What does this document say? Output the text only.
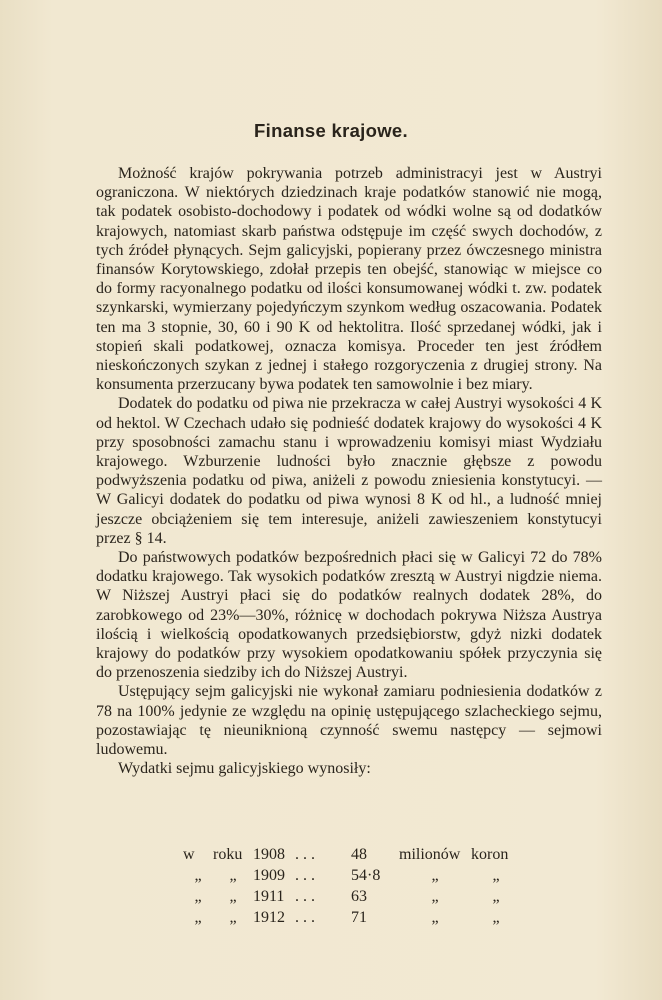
Finanse krajowe.

Możność krajów pokrywania potrzeb administracyi jest w Austryi ograniczona. W niektórych dziedzinach kraje podatków stanowić nie mogą, tak podatek osobisto-dochodowy i podatek od wódki wolne są od dodatków krajowych, natomiast skarb państwa odstępuje im część swych dochodów, z tych źródeł płynących. Sejm galicyjski, popierany przez ówczesnego ministra finansów Korytowskiego, zdołał przepis ten obejść, stanowiąc w miejsce co do formy racyonalnego podatku od ilości konsumowanej wódki t. zw. podatek szynkarski, wymierzany pojedyńczym szynkom według oszacowania. Podatek ten ma 3 stopnie, 30, 60 i 90 K od hektolitra. Ilość sprzedanej wódki, jak i stopień skali podatkowej, oznacza komisya. Proceder ten jest źródłem nieskończonych szykan z jednej i stałego rozgoryczenia z drugiej strony. Na konsumenta przerzucany bywa podatek ten samowolnie i bez miary.

Dodatek do podatku od piwa nie przekracza w całej Austryi wysokości 4 K od hektol. W Czechach udało się podnieść dodatek krajowy do wysokości 4 K przy sposobności zamachu stanu i wprowadzeniu komisyi miast Wydziału krajowego. Wzburzenie ludności było znacznie głębsze z powodu podwyższenia podatku od piwa, aniżeli z powodu zniesienia konstytucyi. — W Galicyi dodatek do podatku od piwa wynosi 8 K od hl., a ludność mniej jeszcze obciążeniem się tem interesuje, aniżeli zawieszeniem konstytucyi przez § 14.

Do państwowych podatków bezpośrednich płaci się w Galicyi 72 do 78% dodatku krajowego. Tak wysokich podatków zresztą w Austryi nigdzie niema. W Niższej Austryi płaci się do podatków realnych dodatek 28%, do zarobkowego od 23%—30%, różnicę w dochodach pokrywa Niższa Austrya ilością i wielkością opodatkowanych przedsiębiorstw, gdyż nizki dodatek krajowy do podatków przy wysokiem opodatkowaniu spółek przyczynia się do przenoszenia siedziby ich do Niższej Austryi.

Ustępujący sejm galicyjski nie wykonał zamiaru podniesienia dodatków z 78 na 100% jedynie ze względu na opinię ustępującego szlacheckiego sejmu, pozostawiając tę nieuniknioną czynność swemu następcy — sejmowi ludowemu.

Wydatki sejmu galicyjskiego wynosiły:

w	roku	1908	. . .	48	milionów	koron
„	„	1909	. . .	54·8	„	„
„	„	1911	. . .	63	„	„
„	„	1912	. . .	71	„	„
